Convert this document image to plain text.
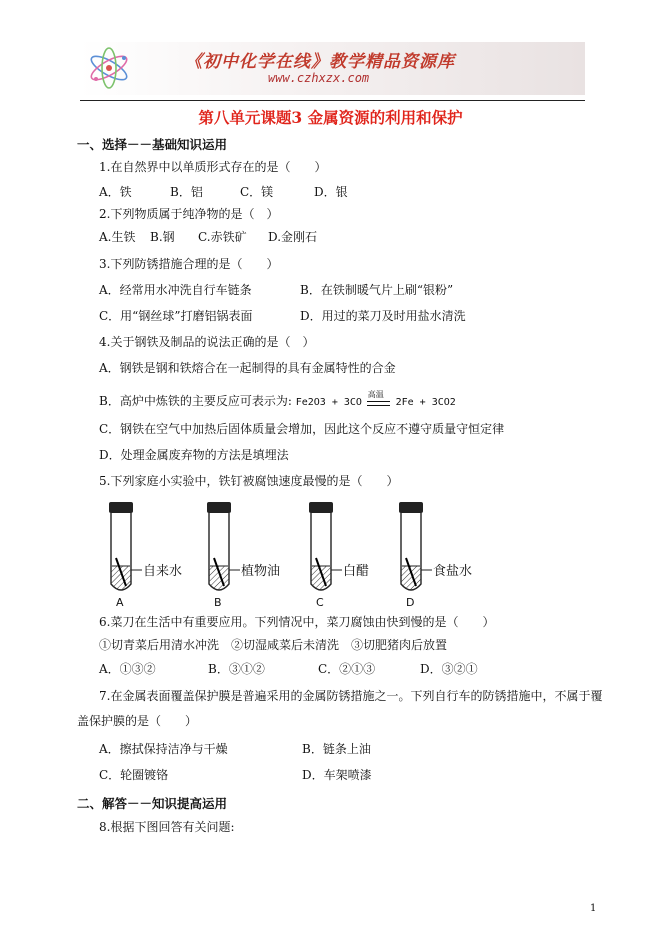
《初中化学在线》教学精品资源库
www.czhxzx.com
第八单元课题3 金属资源的利用和保护
一、选择－－基础知识运用
1.在自然界中以单质形式存在的是（　　）
A．铁	B．铝	C．镁	D．银
2.下列物质属于纯净物的是（　）
A.生铁 B.钢 C.赤铁矿 D.金刚石
3.下列防锈措施合理的是（　　）
A．经常用水冲洗自行车链条	B．在铁制暖气片上刷“银粉”
C．用“钢丝球”打磨铝锅表面	D．用过的菜刀及时用盐水清洗
4.关于钢铁及制品的说法正确的是（　）
A．钢铁是钢和铁熔合在一起制得的具有金属特性的合金
B．高炉中炼铁的主要反应可表示为: Fe2O3 + 3CO
高温
2Fe + 3CO2
C．钢铁在空气中加热后固体质量会增加，因此这个反应不遵守质量守恒定律
D．处理金属废弃物的方法是填埋法
5.下列家庭小实验中，铁钉被腐蚀速度最慢的是（　　）
自来水
A
植物油
B
白醋
C
食盐水
D
6.菜刀在生活中有重要应用。下列情况中，菜刀腐蚀由快到慢的是（　　）
①切青菜后用清水冲洗　②切湿咸菜后未清洗　③切肥猪肉后放置
A．①③②	B．③①②	C．②①③	D．③②①
7.在金属表面覆盖保护膜是普遍采用的金属防锈措施之一。下列自行车的防锈措施中，不属于覆
盖保护膜的是（　　）
A．擦拭保持洁净与干燥	B．链条上油
C．轮圈镀铬	D．车架喷漆
二、解答－－知识提高运用
8.根据下图回答有关问题:
1
